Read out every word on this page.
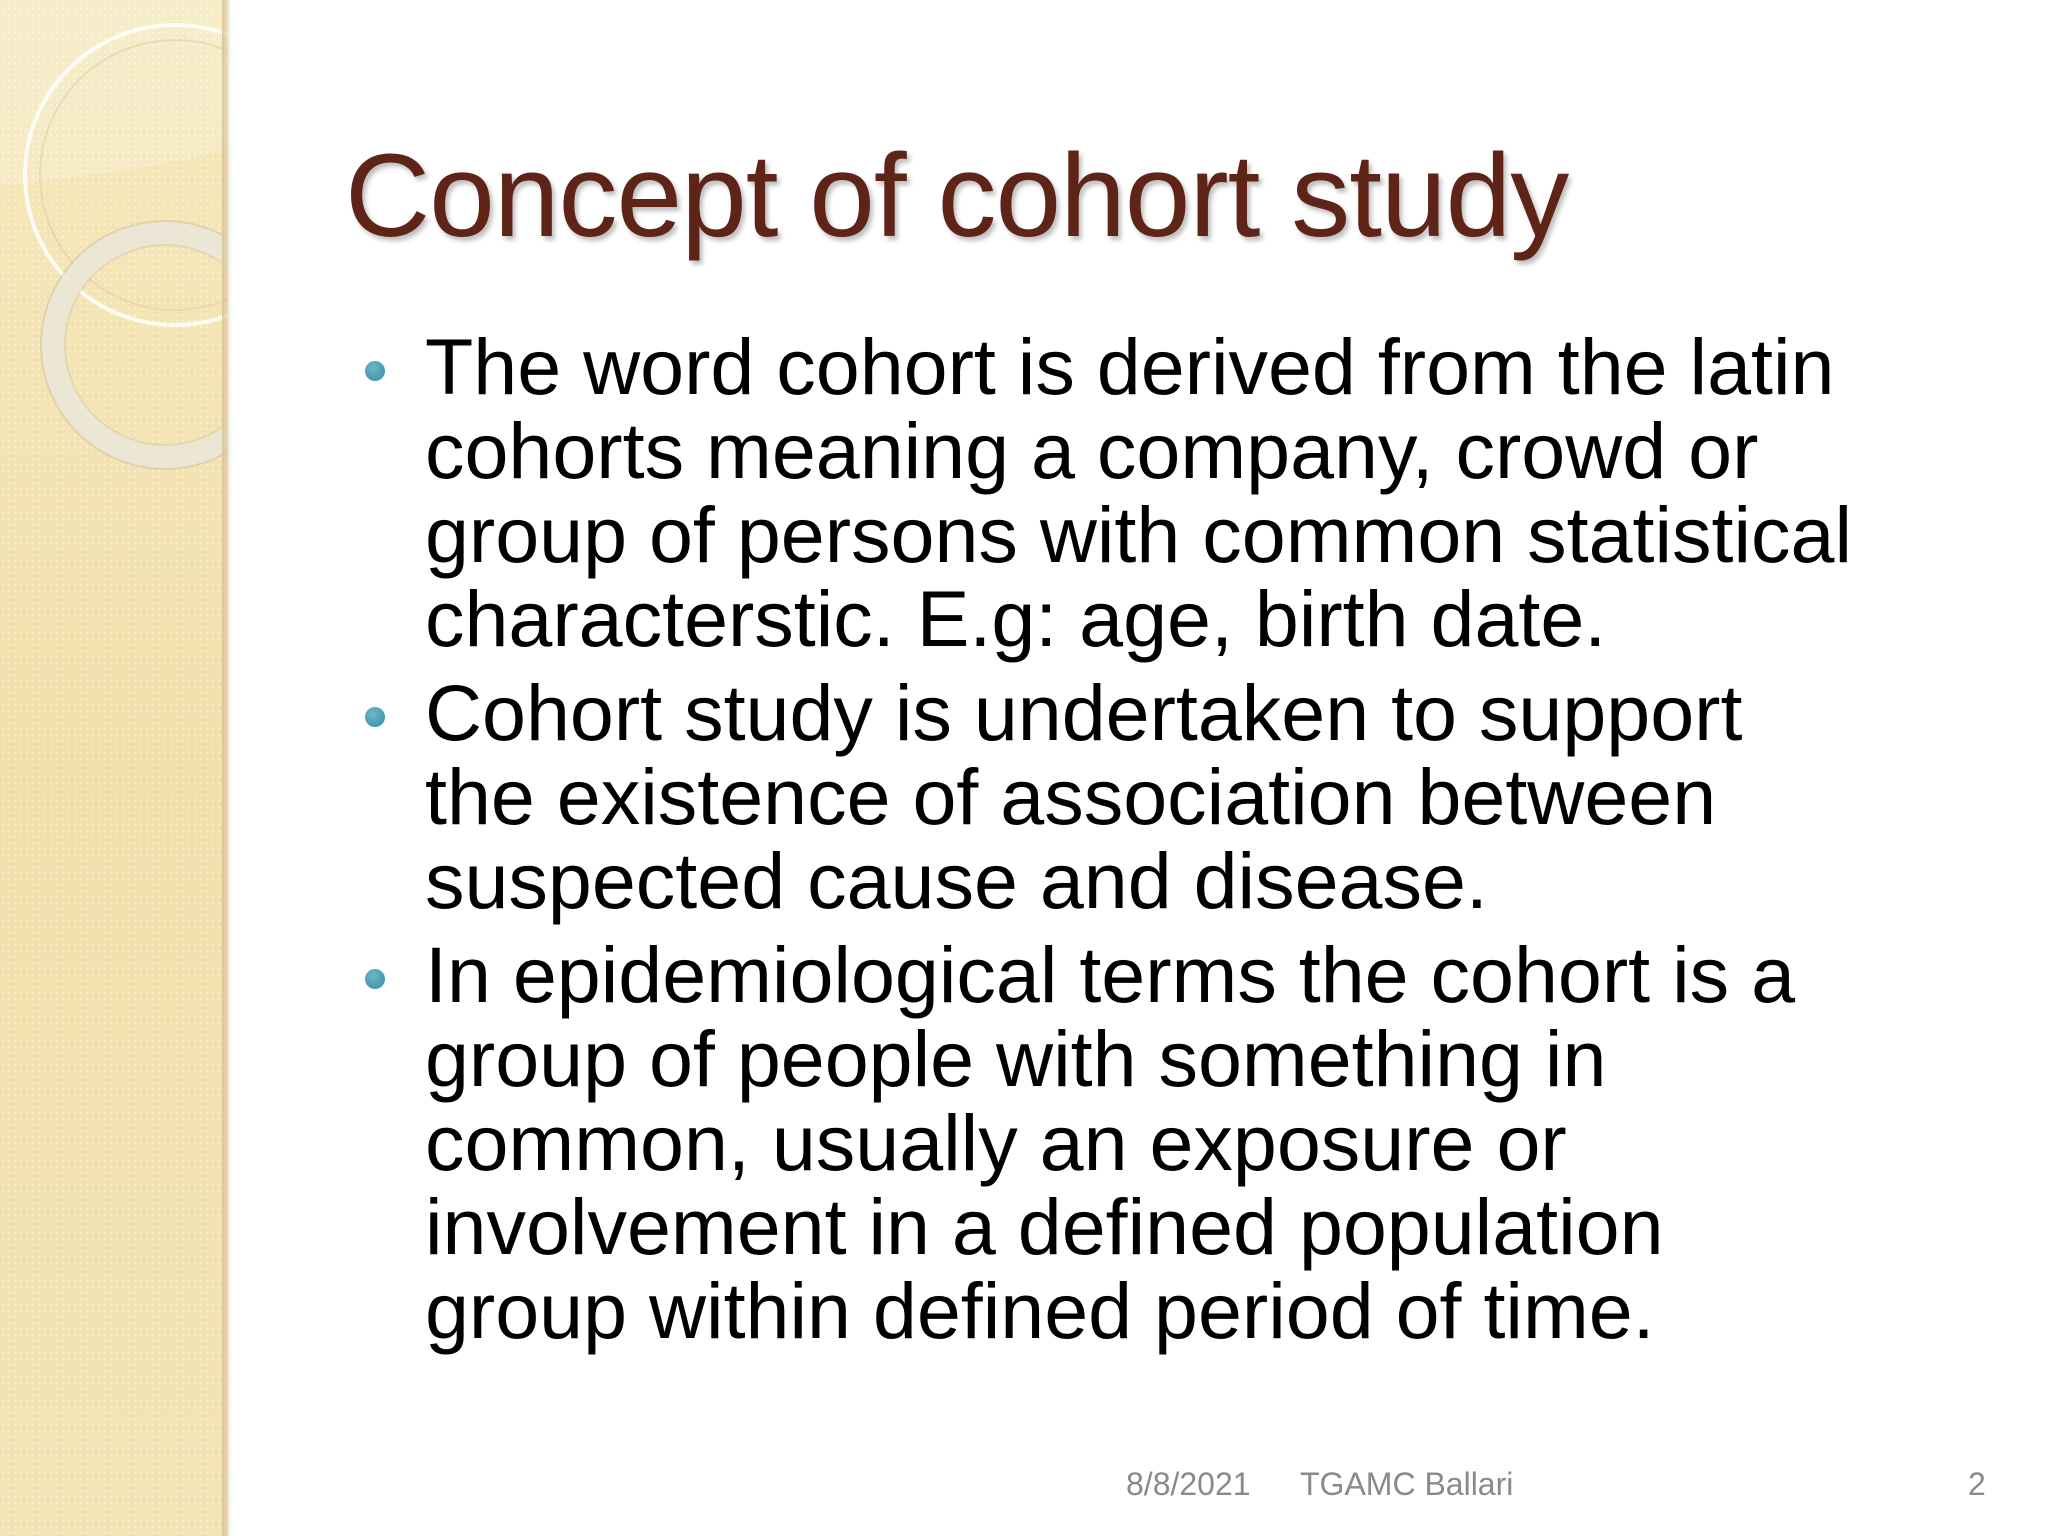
Concept of cohort study
The word cohort is derived from the latin
cohorts meaning a company, crowd or
group of persons with common statistical
characterstic. E.g: age, birth date.
Cohort study is undertaken to support
the existence of association between
suspected cause and disease.
In epidemiological terms the cohort is a
group of people with something in
common, usually an exposure or
involvement in a defined population
group within defined period of time.
8/8/2021 TGAMC Ballari	2
